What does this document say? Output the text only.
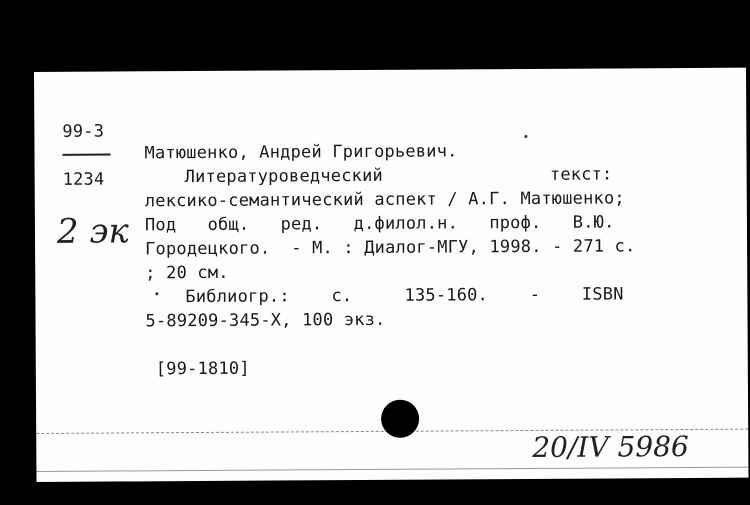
99-3
1234
Матюшенко, Андрей Григорьевич.
Литературоведческий                текст:
лексико-семантический аспект / А.Г. Матюшенко;
Под   общ.   ред.   д.филол.н.   проф.   В.Ю.
Городецкого.  - М. : Диалог-МГУ, 1998. - 271 с.
; 20 см.
Библиогр.:    с.     135-160.    -    ISBN
5-89209-345-X, 100 экз.
[99-1810]
2 эк
20/IV 5986
